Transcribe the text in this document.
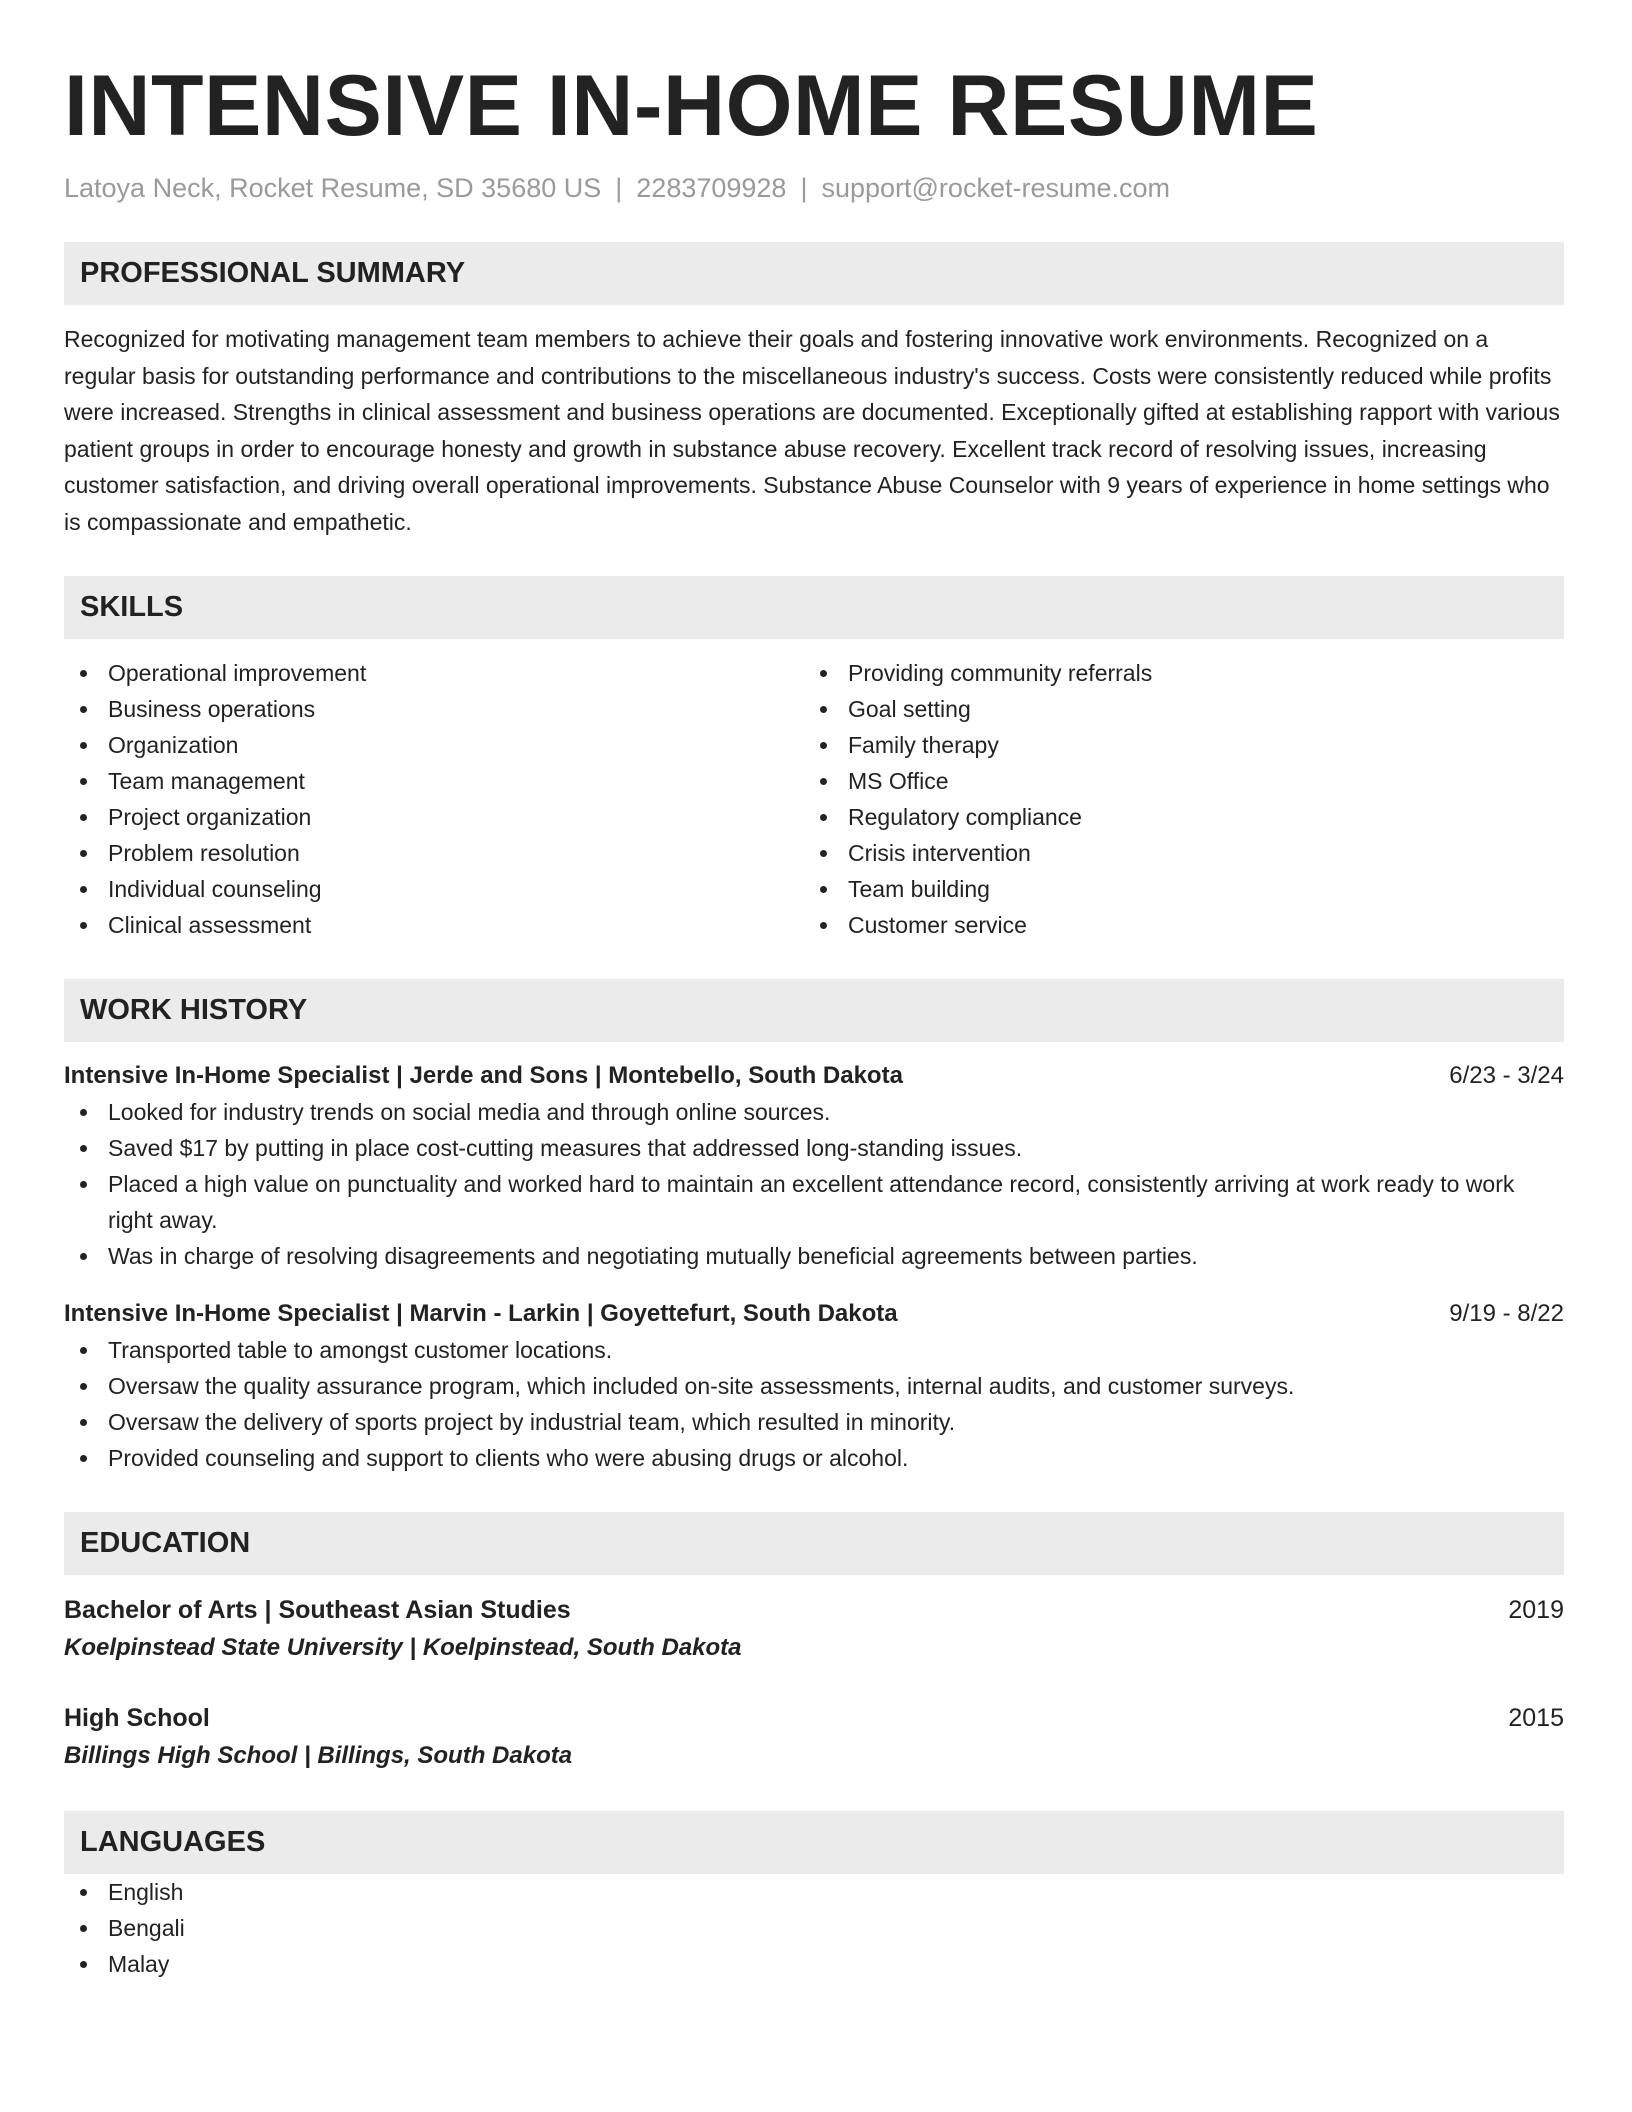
INTENSIVE IN-HOME RESUME
Latoya Neck, Rocket Resume, SD 35680 US | 2283709928 | support@rocket-resume.com
PROFESSIONAL SUMMARY
Recognized for motivating management team members to achieve their goals and fostering innovative work environments. Recognized on a regular basis for outstanding performance and contributions to the miscellaneous industry's success. Costs were consistently reduced while profits were increased. Strengths in clinical assessment and business operations are documented. Exceptionally gifted at establishing rapport with various patient groups in order to encourage honesty and growth in substance abuse recovery. Excellent track record of resolving issues, increasing customer satisfaction, and driving overall operational improvements. Substance Abuse Counselor with 9 years of experience in home settings who is compassionate and empathetic.
SKILLS
Operational improvement
Business operations
Organization
Team management
Project organization
Problem resolution
Individual counseling
Clinical assessment
Providing community referrals
Goal setting
Family therapy
MS Office
Regulatory compliance
Crisis intervention
Team building
Customer service
WORK HISTORY
Intensive In-Home Specialist | Jerde and Sons | Montebello, South Dakota	6/23 - 3/24
Looked for industry trends on social media and through online sources.
Saved $17 by putting in place cost-cutting measures that addressed long-standing issues.
Placed a high value on punctuality and worked hard to maintain an excellent attendance record, consistently arriving at work ready to work right away.
Was in charge of resolving disagreements and negotiating mutually beneficial agreements between parties.
Intensive In-Home Specialist | Marvin - Larkin | Goyettefurt, South Dakota	9/19 - 8/22
Transported table to amongst customer locations.
Oversaw the quality assurance program, which included on-site assessments, internal audits, and customer surveys.
Oversaw the delivery of sports project by industrial team, which resulted in minority.
Provided counseling and support to clients who were abusing drugs or alcohol.
EDUCATION
Bachelor of Arts | Southeast Asian Studies	2019
Koelpinstead State University | Koelpinstead, South Dakota
High School	2015
Billings High School | Billings, South Dakota
LANGUAGES
English
Bengali
Malay
